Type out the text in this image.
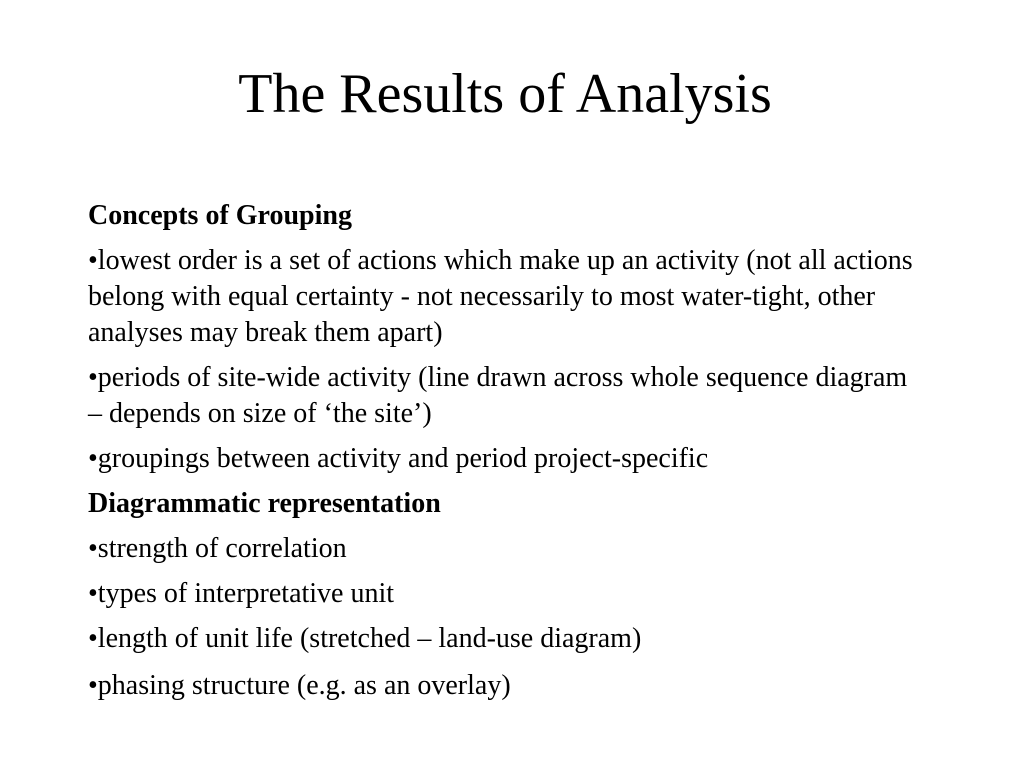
The Results of Analysis

Concepts of Grouping

•lowest order is a set of actions which make up an activity (not all actions belong with equal certainty - not necessarily to most water-tight, other analyses may break them apart)

•periods of site-wide activity (line drawn across whole sequence diagram – depends on size of ‘the site’)

•groupings between activity and period project-specific

Diagrammatic representation

•strength of correlation

•types of interpretative unit

•length of unit life (stretched – land-use diagram)

•phasing structure (e.g. as an overlay)
